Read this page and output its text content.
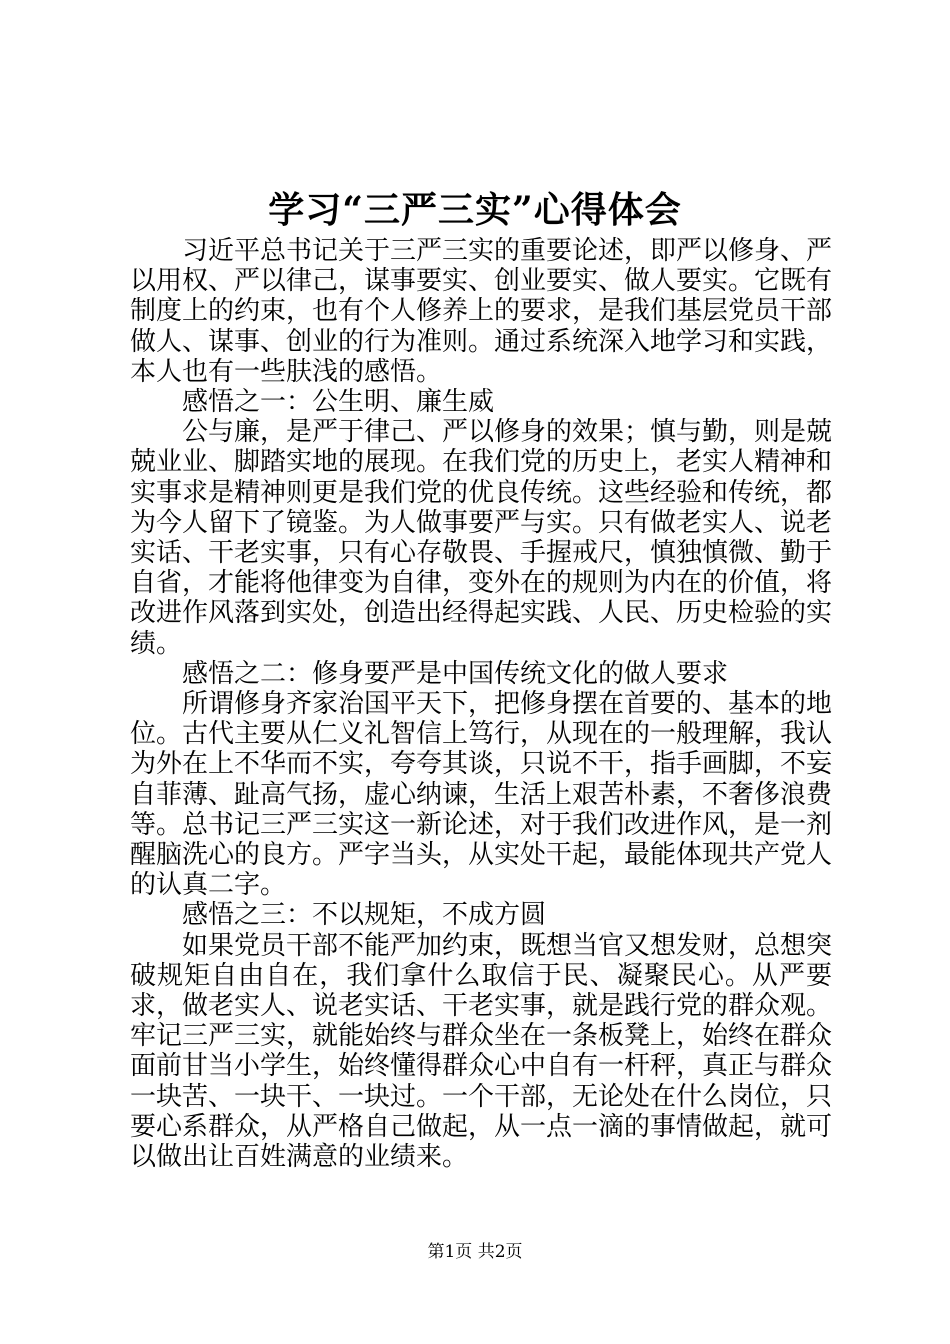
学习“三严三实”心得体会

习近平总书记关于三严三实的重要论述，即严以修身、严以用权、严以律己，谋事要实、创业要实、做人要实。它既有制度上的约束，也有个人修养上的要求，是我们基层党员干部做人、谋事、创业的行为准则。通过系统深入地学习和实践，本人也有一些肤浅的感悟。

感悟之一：公生明、廉生威

公与廉，是严于律己、严以修身的效果；慎与勤，则是兢兢业业、脚踏实地的展现。在我们党的历史上，老实人精神和实事求是精神则更是我们党的优良传统。这些经验和传统，都为今人留下了镜鉴。为人做事要严与实。只有做老实人、说老实话、干老实事，只有心存敬畏、手握戒尺，慎独慎微、勤于自省，才能将他律变为自律，变外在的规则为内在的价值，将改进作风落到实处，创造出经得起实践、人民、历史检验的实绩。

感悟之二：修身要严是中国传统文化的做人要求

所谓修身齐家治国平天下，把修身摆在首要的、基本的地位。古代主要从仁义礼智信上笃行，从现在的一般理解，我认为外在上不华而不实，夸夸其谈，只说不干，指手画脚，不妄自菲薄、趾高气扬，虚心纳谏，生活上艰苦朴素，不奢侈浪费等。总书记三严三实这一新论述，对于我们改进作风，是一剂醒脑洗心的良方。严字当头，从实处干起，最能体现共产党人的认真二字。

感悟之三：不以规矩，不成方圆

如果党员干部不能严加约束，既想当官又想发财，总想突破规矩自由自在，我们拿什么取信于民、凝聚民心。从严要求，做老实人、说老实话、干老实事，就是践行党的群众观。牢记三严三实，就能始终与群众坐在一条板凳上，始终在群众面前甘当小学生，始终懂得群众心中自有一杆秤，真正与群众一块苦、一块干、一块过。一个干部，无论处在什么岗位，只要心系群众，从严格自己做起，从一点一滴的事情做起，就可以做出让百姓满意的业绩来。

第1页 共2页
